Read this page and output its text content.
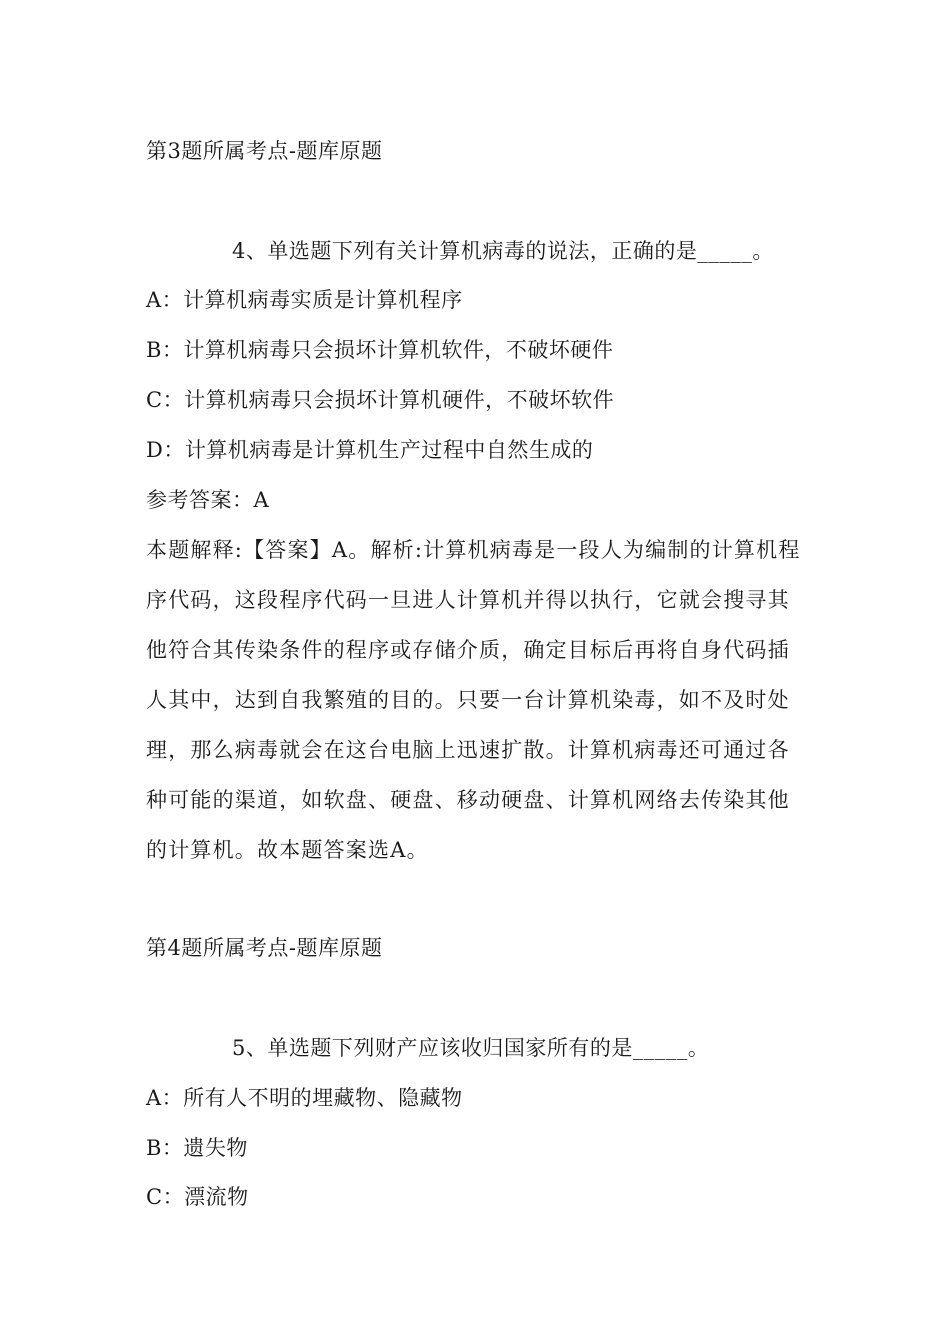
第3题所属考点-题库原题
4、单选题下列有关计算机病毒的说法，正确的是_____。
A：计算机病毒实质是计算机程序
B：计算机病毒只会损坏计算机软件，不破坏硬件
C：计算机病毒只会损坏计算机硬件，不破坏软件
D：计算机病毒是计算机生产过程中自然生成的
参考答案：A
本题解释:【答案】A。解析:计算机病毒是一段人为编制的计算机程序代码，这段程序代码一旦进人计算机并得以执行，它就会搜寻其他符合其传染条件的程序或存储介质，确定目标后再将自身代码插人其中，达到自我繁殖的目的。只要一台计算机染毒，如不及时处理，那么病毒就会在这台电脑上迅速扩散。计算机病毒还可通过各种可能的渠道，如软盘、硬盘、移动硬盘、计算机网络去传染其他的计算机。故本题答案选A。
第4题所属考点-题库原题
5、单选题下列财产应该收归国家所有的是_____。
A：所有人不明的埋藏物、隐藏物
B：遗失物
C：漂流物
